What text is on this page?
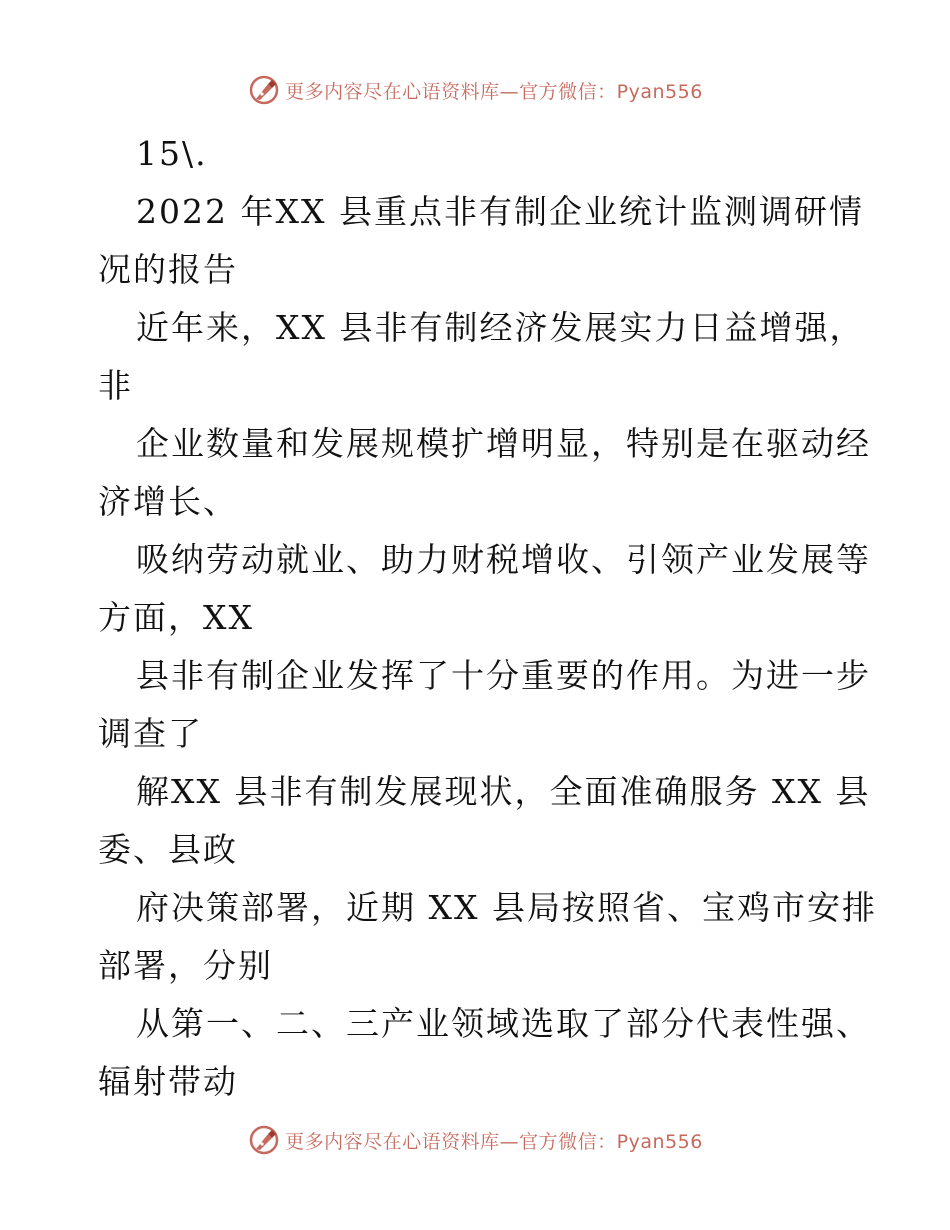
更多内容尽在心语资料库—官方微信：Pyan556
15\.
2022 年XX 县重点非有制企业统计监测调研情
况的报告
近年来，XX 县非有制经济发展实力日益增强，
非
企业数量和发展规模扩增明显，特别是在驱动经
济增长、
吸纳劳动就业、助力财税增收、引领产业发展等
方面，XX
县非有制企业发挥了十分重要的作用。为进一步
调查了
解XX 县非有制发展现状，全面准确服务 XX 县
委、县政
府决策部署，近期 XX 县局按照省、宝鸡市安排
部署，分别
从第一、二、三产业领域选取了部分代表性强、
辐射带动
更多内容尽在心语资料库—官方微信：Pyan556
